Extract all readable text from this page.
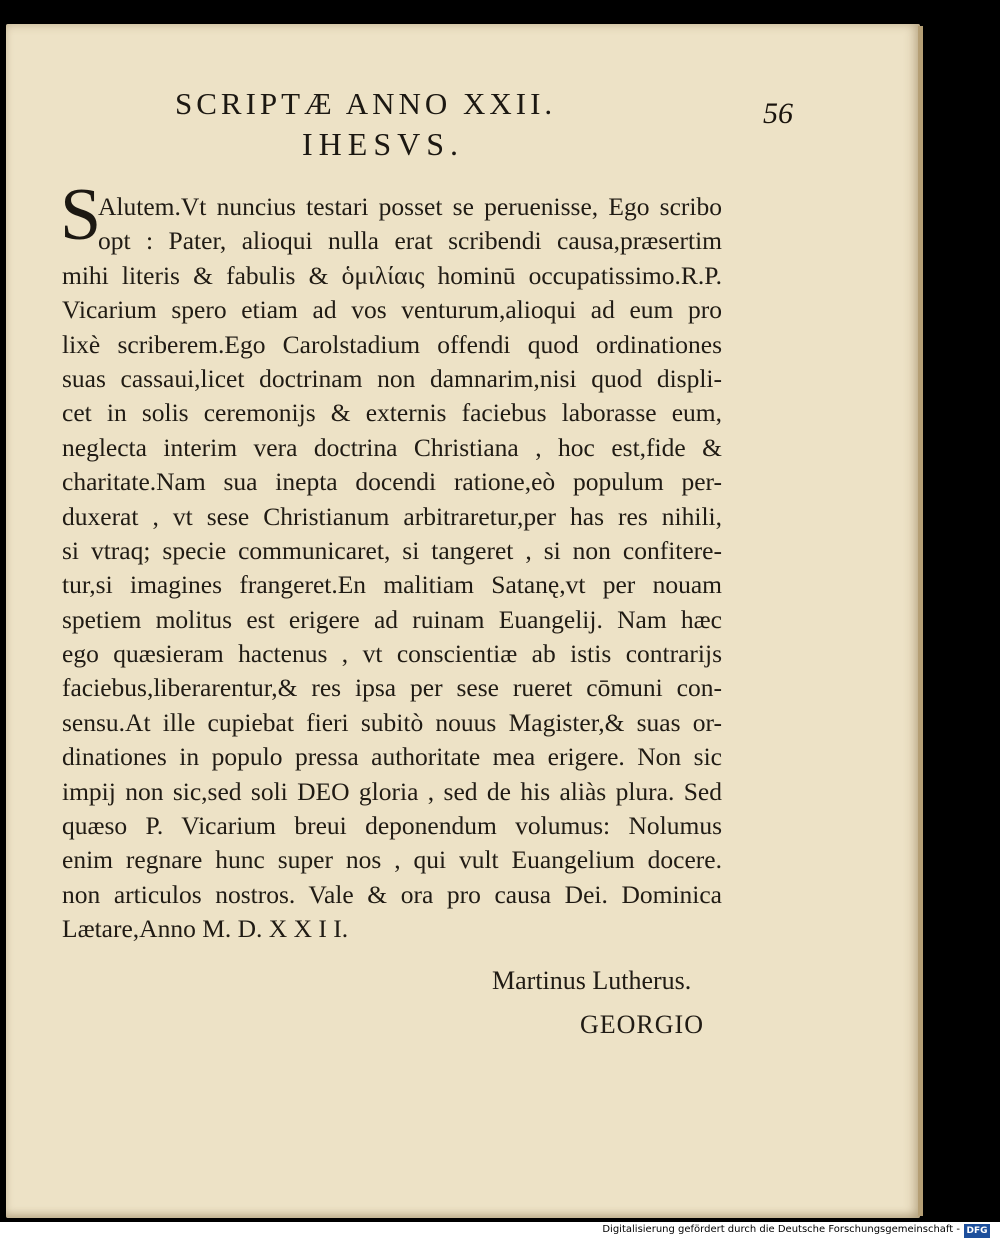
SCRIPTÆ ANNO XXII.	56
IHESVS.
S
Alutem.Vt nuncius testari posset se peruenisse, Ego scribo
opt : Pater, alioqui nulla erat scribendi causa,præsertim
mihi literis & fabulis & ὁμιλίαις hominū occupatissimo.R.P.
Vicarium spero etiam ad vos venturum,alioqui ad eum pro
lixè scriberem.Ego Carolstadium offendi quod ordinationes
suas cassaui,licet doctrinam non damnarim,nisi quod displi-
cet in solis ceremonijs & externis faciebus laborasse eum,
neglecta interim vera doctrina Christiana , hoc est,fide &
charitate.Nam sua inepta docendi ratione,eò populum per-
duxerat , vt sese Christianum arbitraretur,per has res nihili,
si vtraq; specie communicaret, si tangeret , si non confitere-
tur,si imagines frangeret.En malitiam Satanę,vt per nouam
spetiem molitus est erigere ad ruinam Euangelij. Nam hæc
ego quæsieram hactenus , vt conscientiæ ab istis contrarijs
faciebus,liberarentur,& res ipsa per sese rueret cōmuni con-
sensu.At ille cupiebat fieri subitò nouus Magister,& suas or-
dinationes in populo pressa authoritate mea erigere. Non sic
impij non sic,sed soli DEO gloria , sed de his aliàs plura. Sed
quæso P. Vicarium breui deponendum volumus: Nolumus
enim regnare hunc super nos , qui vult Euangelium docere.
non articulos nostros. Vale & ora pro causa Dei. Dominica
Lætare,Anno M. D. X X I I.
Martinus Lutherus.
GEORGIO
Digitalisierung gefördert durch die Deutsche Forschungsgemeinschaft - DFG
